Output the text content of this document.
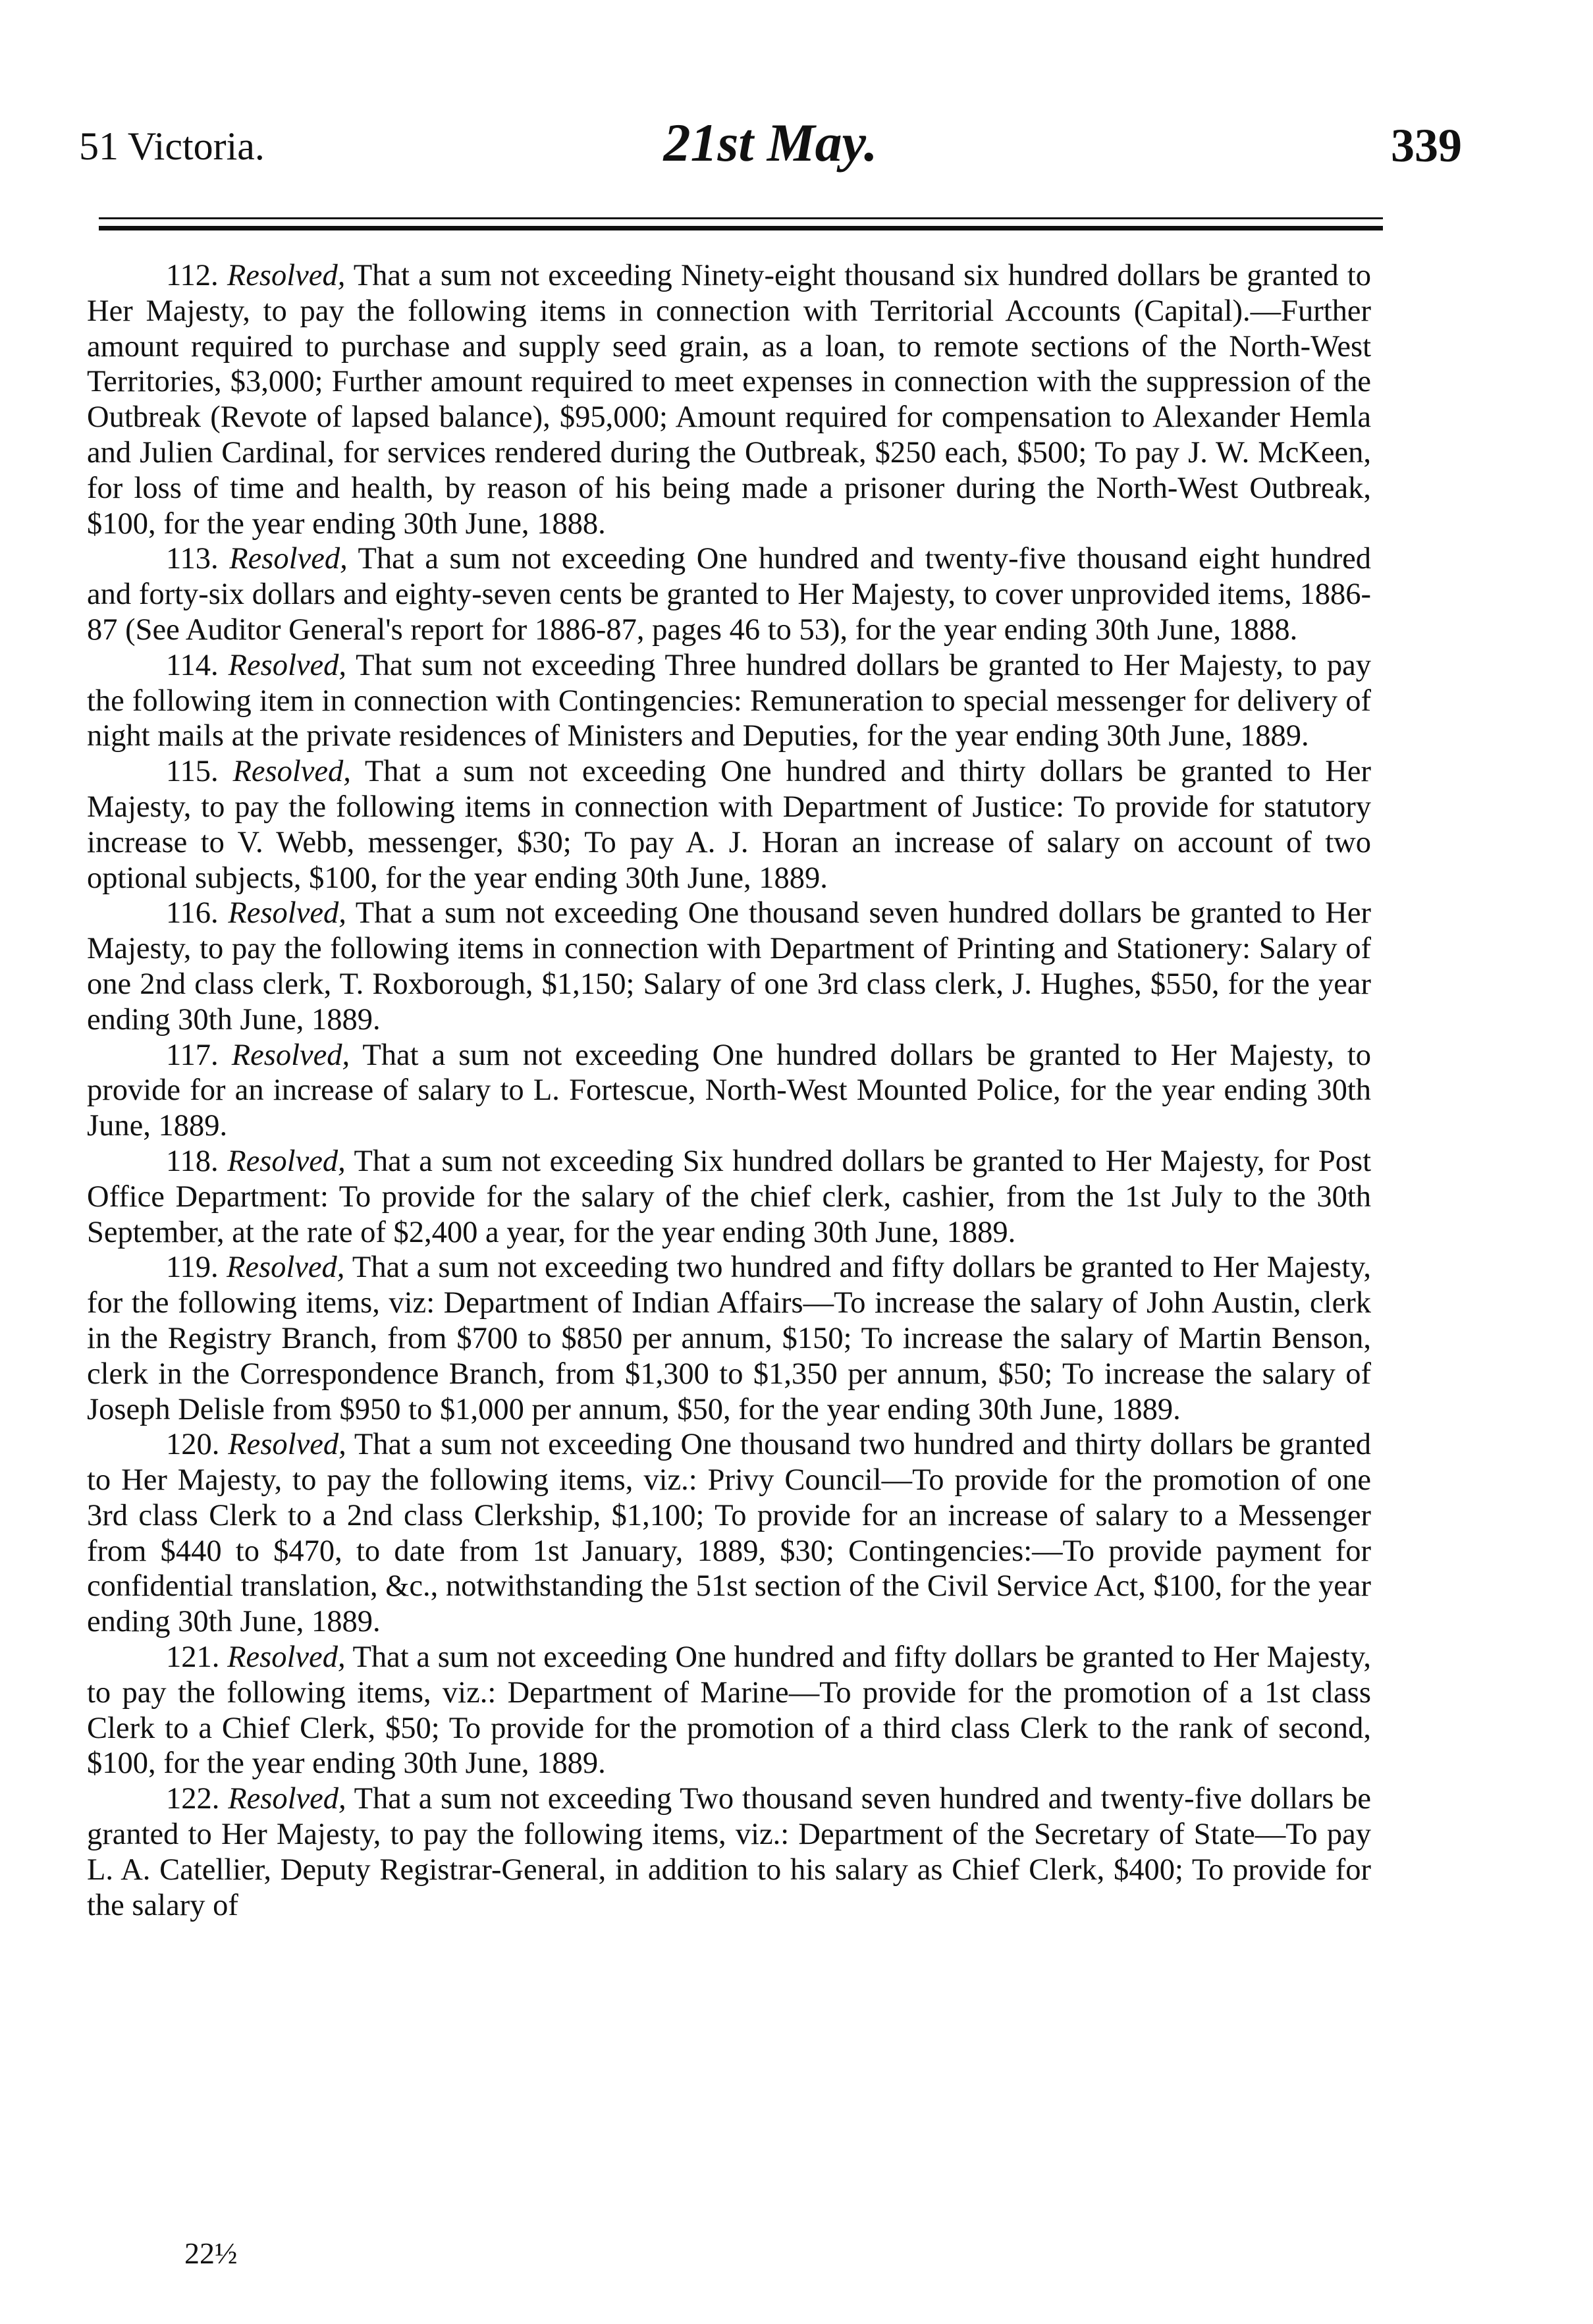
51 Victoria.	21st May.	339

112. Resolved, That a sum not exceeding Ninety-eight thousand six hundred dollars be granted to Her Majesty, to pay the following items in connection with Territorial Accounts (Capital).—Further amount required to purchase and supply seed grain, as a loan, to remote sections of the North-West Territories, $3,000; Further amount required to meet expenses in connection with the suppression of the Outbreak (Revote of lapsed balance), $95,000; Amount required for compensation to Alexander Hemla and Julien Cardinal, for services rendered during the Outbreak, $250 each, $500; To pay J. W. McKeen, for loss of time and health, by reason of his being made a prisoner during the North-West Outbreak, $100, for the year ending 30th June, 1888.

113. Resolved, That a sum not exceeding One hundred and twenty-five thousand eight hundred and forty-six dollars and eighty-seven cents be granted to Her Majesty, to cover unprovided items, 1886-87 (See Auditor General's report for 1886-87, pages 46 to 53), for the year ending 30th June, 1888.

114. Resolved, That sum not exceeding Three hundred dollars be granted to Her Majesty, to pay the following item in connection with Contingencies: Remuneration to special messenger for delivery of night mails at the private residences of Ministers and Deputies, for the year ending 30th June, 1889.

115. Resolved, That a sum not exceeding One hundred and thirty dollars be granted to Her Majesty, to pay the following items in connection with Department of Justice: To provide for statutory increase to V. Webb, messenger, $30; To pay A. J. Horan an increase of salary on account of two optional subjects, $100, for the year ending 30th June, 1889.

116. Resolved, That a sum not exceeding One thousand seven hundred dollars be granted to Her Majesty, to pay the following items in connection with Department of Printing and Stationery: Salary of one 2nd class clerk, T. Roxborough, $1,150; Salary of one 3rd class clerk, J. Hughes, $550, for the year ending 30th June, 1889.

117. Resolved, That a sum not exceeding One hundred dollars be granted to Her Majesty, to provide for an increase of salary to L. Fortescue, North-West Mounted Police, for the year ending 30th June, 1889.

118. Resolved, That a sum not exceeding Six hundred dollars be granted to Her Majesty, for Post Office Department: To provide for the salary of the chief clerk, cashier, from the 1st July to the 30th September, at the rate of $2,400 a year, for the year ending 30th June, 1889.

119. Resolved, That a sum not exceeding two hundred and fifty dollars be granted to Her Majesty, for the following items, viz: Department of Indian Affairs—To increase the salary of John Austin, clerk in the Registry Branch, from $700 to $850 per annum, $150; To increase the salary of Martin Benson, clerk in the Correspondence Branch, from $1,300 to $1,350 per annum, $50; To increase the salary of Joseph Delisle from $950 to $1,000 per annum, $50, for the year ending 30th June, 1889.

120. Resolved, That a sum not exceeding One thousand two hundred and thirty dollars be granted to Her Majesty, to pay the following items, viz.: Privy Council—To provide for the promotion of one 3rd class Clerk to a 2nd class Clerkship, $1,100; To provide for an increase of salary to a Messenger from $440 to $470, to date from 1st January, 1889, $30; Contingencies:—To provide payment for confidential translation, &c., notwithstanding the 51st section of the Civil Service Act, $100, for the year ending 30th June, 1889.

121. Resolved, That a sum not exceeding One hundred and fifty dollars be granted to Her Majesty, to pay the following items, viz.: Department of Marine—To provide for the promotion of a 1st class Clerk to a Chief Clerk, $50; To provide for the promotion of a third class Clerk to the rank of second, $100, for the year ending 30th June, 1889.

122. Resolved, That a sum not exceeding Two thousand seven hundred and twenty-five dollars be granted to Her Majesty, to pay the following items, viz.: Department of the Secretary of State—To pay L. A. Catellier, Deputy Registrar-General, in addition to his salary as Chief Clerk, $400; To provide for the salary of

22½
